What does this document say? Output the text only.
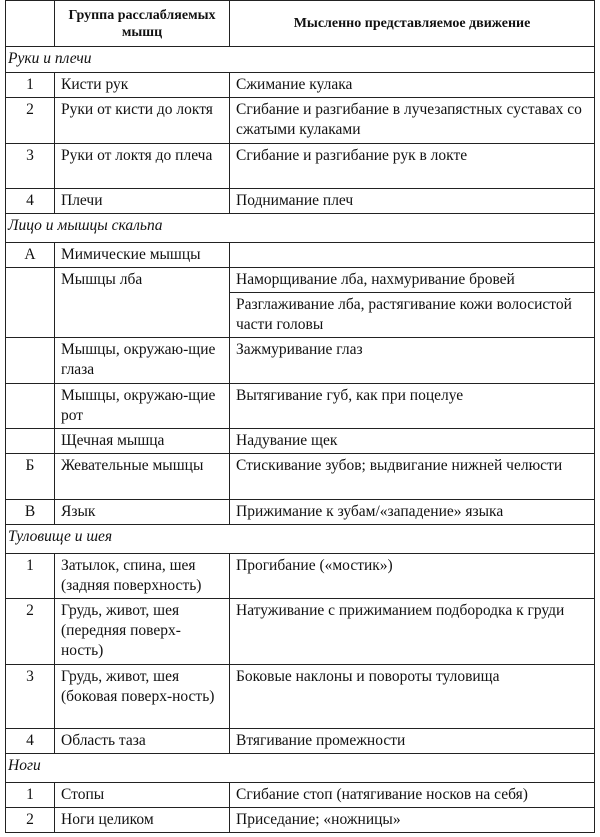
	Группа расслабляемых мышц	Мысленно представляемое движение
Руки и плечи		
1	Кисти рук	Сжимание кулака
2	Руки от кисти до локтя	Сгибание и разгибание в лучезапястных суставах со сжатыми кулаками
3	Руки от локтя до плеча	Сгибание и разгибание рук в локте
4	Плечи	Поднимание плеч
Лицо и мышцы скальпа		
А	Мимические мышцы	
	Мышцы лба	Наморщивание лба, нахмуривание бровей
		Разглаживание лба, растягивание кожи волосистой части головы
	Мышцы, окружаю-щие глаза	Зажмуривание глаз
	Мышцы, окружаю-щие рот	Вытягивание губ, как при поцелуе
	Щечная мышца	Надувание щек
Б	Жевательные мышцы	Стискивание зубов; выдвигание нижней челюсти
В	Язык	Прижимание к зубам/«западение» языка
Туловище и шея		
1	Затылок, спина, шея (задняя поверхность)	Прогибание («мостик»)
2	Грудь, живот, шея (передняя поверх-ность)	Натуживание с прижиманием подбородка к груди
3	Грудь, живот, шея (боковая поверх-ность)	Боковые наклоны и повороты туловища
4	Область таза	Втягивание промежности
Ноги		
1	Стопы	Сгибание стоп (натягивание носков на себя)
2	Ноги целиком	Приседание; «ножницы»
